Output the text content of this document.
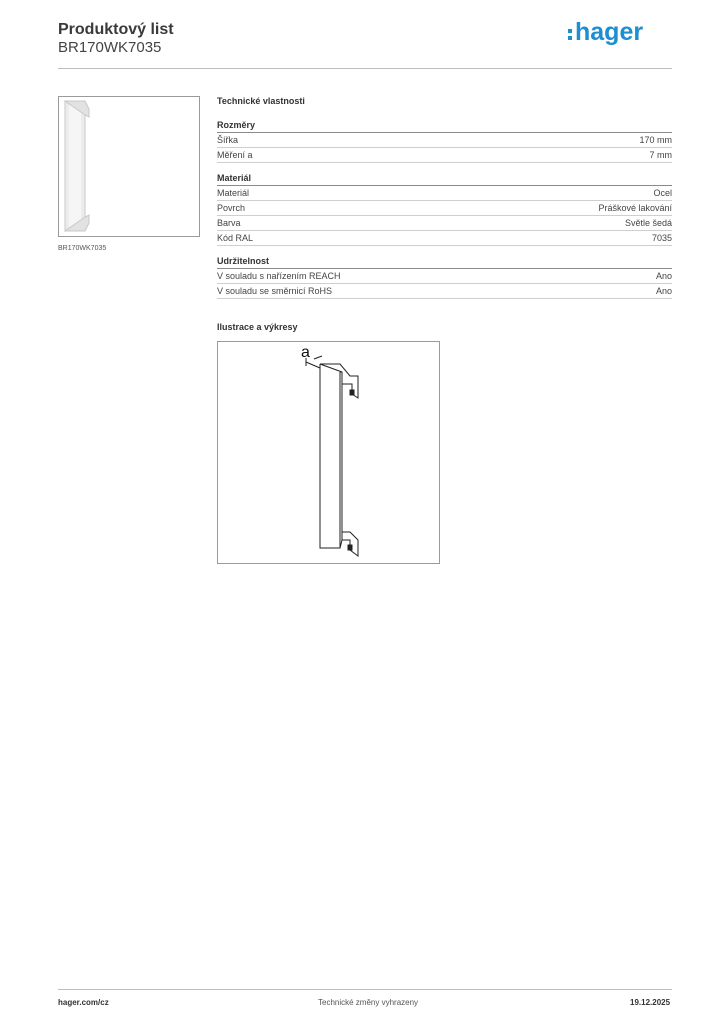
Produktový list
BR170WK7035
hager
BR170WK7035
Technické vlastnosti
Rozměry
Šířka	170 mm
Měření a	7 mm
Materiál
Materiál	Ocel
Povrch	Práškové lakování
Barva	Světle šedá
Kód RAL	7035
Udržitelnost
V souladu s nařízením REACH	Ano
V souladu se směrnicí RoHS	Ano
Ilustrace a výkresy
a
hager.com/cz	Technické změny vyhrazeny	19.12.2025
